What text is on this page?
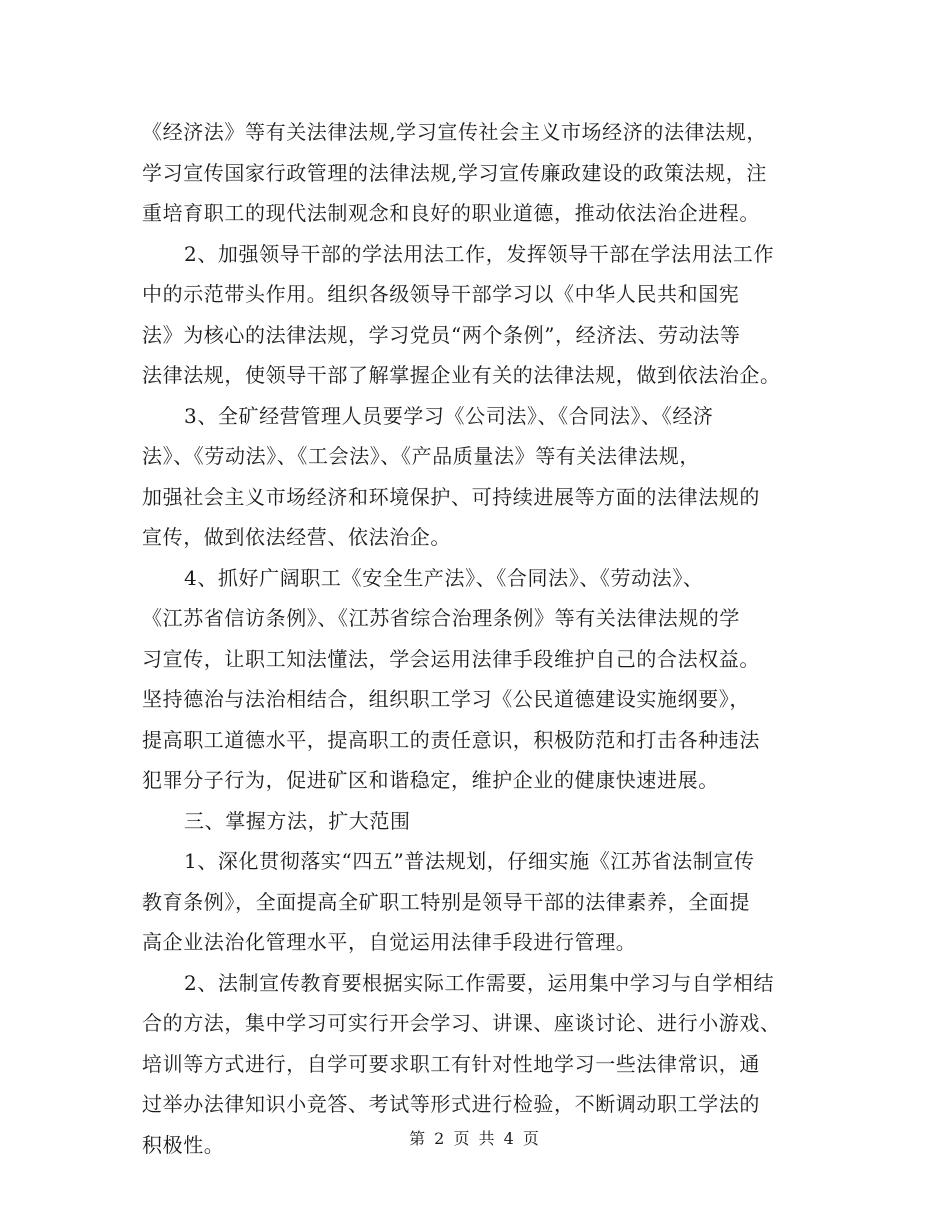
《经济法》等有关法律法规,学习宣传社会主义市场经济的法律法规，
学习宣传国家行政管理的法律法规,学习宣传廉政建设的政策法规，注
重培育职工的现代法制观念和良好的职业道德，推动依法治企进程。
2、加强领导干部的学法用法工作，发挥领导干部在学法用法工作
中的示范带头作用。组织各级领导干部学习以《中华人民共和国宪
法》为核心的法律法规，学习党员“两个条例”，经济法、劳动法等
法律法规，使领导干部了解掌握企业有关的法律法规，做到依法治企。
3、全矿经营管理人员要学习《公司法》、《合同法》、《经济
法》、《劳动法》、《工会法》、《产品质量法》等有关法律法规，
加强社会主义市场经济和环境保护、可持续进展等方面的法律法规的
宣传，做到依法经营、依法治企。
4、抓好广阔职工《安全生产法》、《合同法》、《劳动法》、
《江苏省信访条例》、《江苏省综合治理条例》等有关法律法规的学
习宣传，让职工知法懂法，学会运用法律手段维护自己的合法权益。
坚持德治与法治相结合，组织职工学习《公民道德建设实施纲要》，
提高职工道德水平，提高职工的责任意识，积极防范和打击各种违法
犯罪分子行为，促进矿区和谐稳定，维护企业的健康快速进展。
三、掌握方法，扩大范围
1、深化贯彻落实“四五”普法规划，仔细实施《江苏省法制宣传
教育条例》，全面提高全矿职工特别是领导干部的法律素养，全面提
高企业法治化管理水平，自觉运用法律手段进行管理。
2、法制宣传教育要根据实际工作需要，运用集中学习与自学相结
合的方法，集中学习可实行开会学习、讲课、座谈讨论、进行小游戏、
培训等方式进行，自学可要求职工有针对性地学习一些法律常识，通
过举办法律知识小竞答、考试等形式进行检验，不断调动职工学法的
积极性。	第 2 页 共 4 页
